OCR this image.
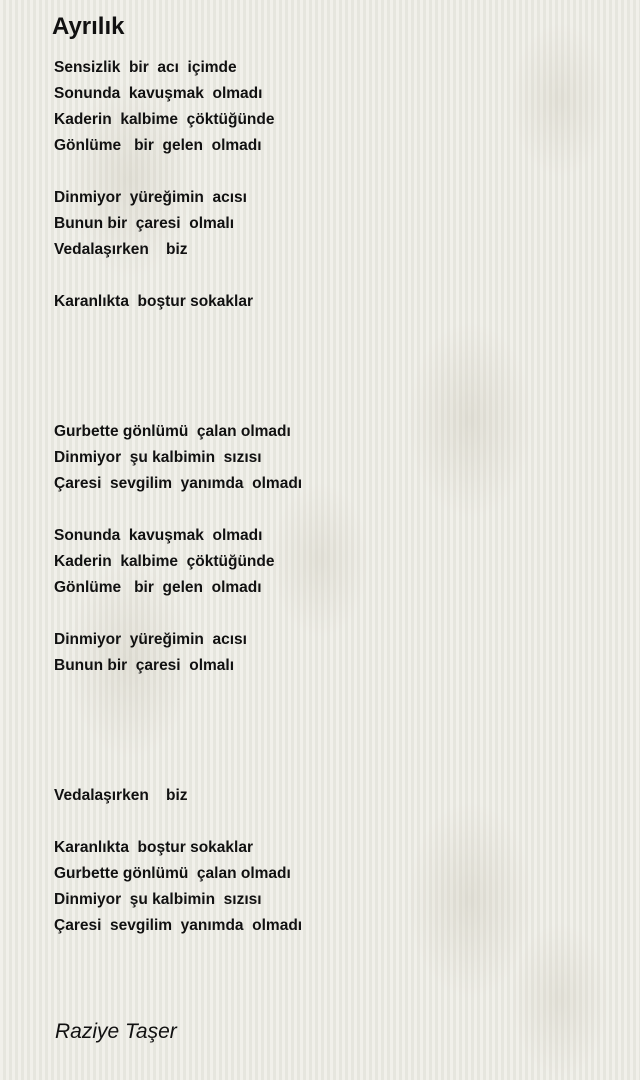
Ayrılık
Sensizlik  bir  acı  içimde
Sonunda  kavuşmak  olmadı
Kaderin  kalbime  çöktüğünde
Gönlüme   bir  gelen  olmadı
Dinmiyor  yüreğimin  acısı
Bunun bir  çaresi  olmalı
Vedalaşırken    biz
Karanlıkta  boştur sokaklar
Gurbette gönlümü  çalan olmadı
Dinmiyor  şu kalbimin  sızısı
Çaresi  sevgilim  yanımda  olmadı
Sonunda  kavuşmak  olmadı
Kaderin  kalbime  çöktüğünde
Gönlüme   bir  gelen  olmadı
Dinmiyor  yüreğimin  acısı
Bunun bir  çaresi  olmalı
Vedalaşırken    biz
Karanlıkta  boştur sokaklar
Gurbette gönlümü  çalan olmadı
Dinmiyor  şu kalbimin  sızısı
Çaresi  sevgilim  yanımda  olmadı
Raziye Taşer
